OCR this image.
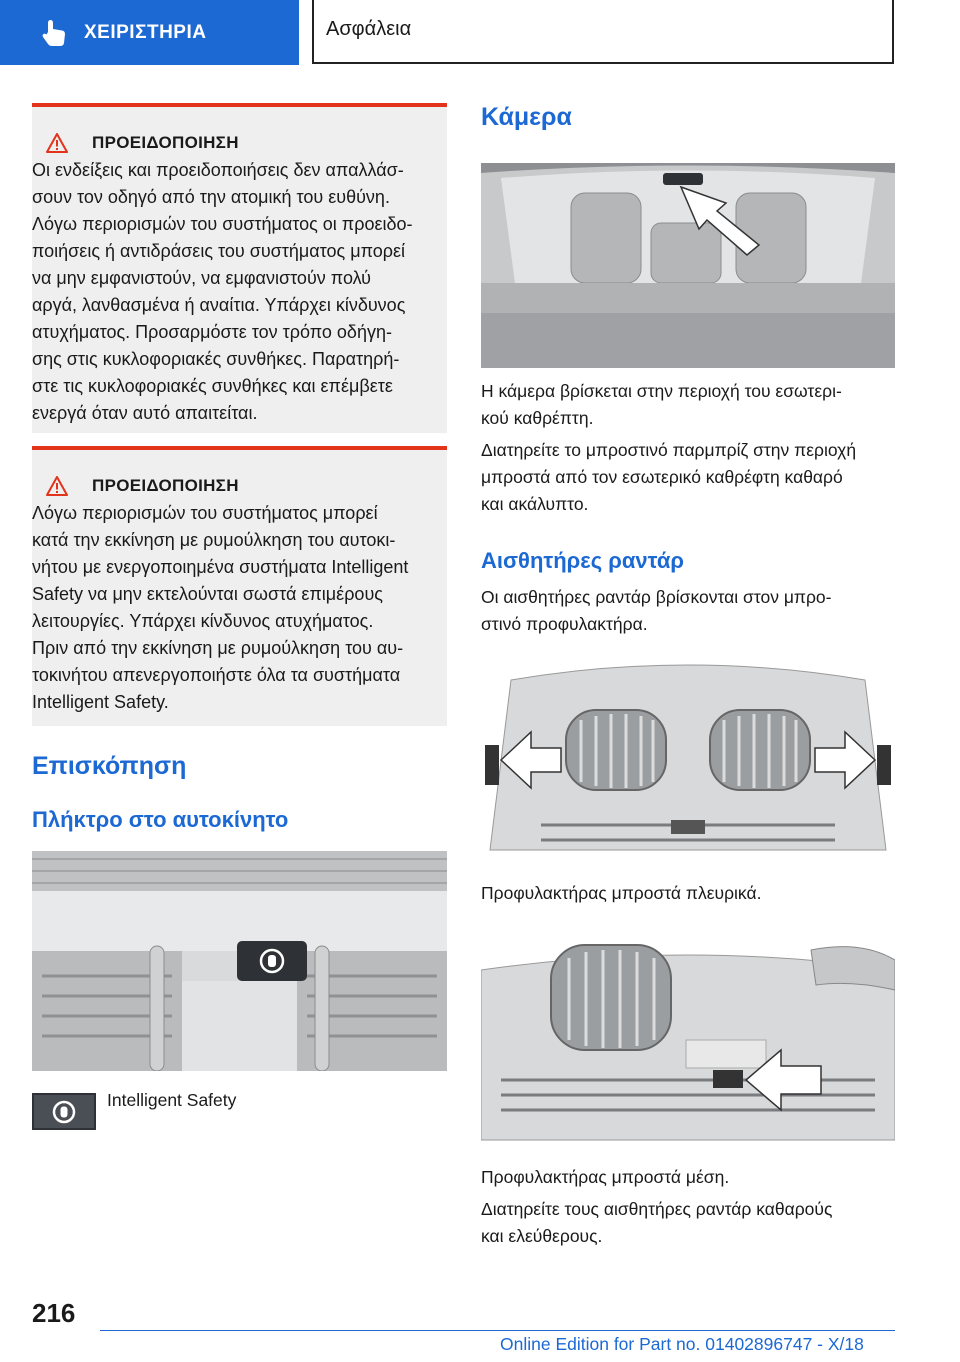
ΧΕΙΡΙΣΤΗΡΙΑ	Ασφάλεια
ΠΡΟΕΙΔΟΠΟΙΗΣΗ
Οι ενδείξεις και προειδοποιήσεις δεν απαλλάσ-
σουν τον οδηγό από την ατομική του ευθύνη.
Λόγω περιορισμών του συστήματος οι προειδο-
ποιήσεις ή αντιδράσεις του συστήματος μπορεί
να μην εμφανιστούν, να εμφανιστούν πολύ
αργά, λανθασμένα ή αναίτια. Υπάρχει κίνδυνος
ατυχήματος. Προσαρμόστε τον τρόπο οδήγη-
σης στις κυκλοφοριακές συνθήκες. Παρατηρή-
στε τις κυκλοφοριακές συνθήκες και επέμβετε
ενεργά όταν αυτό απαιτείται.
ΠΡΟΕΙΔΟΠΟΙΗΣΗ
Λόγω περιορισμών του συστήματος μπορεί
κατά την εκκίνηση με ρυμούλκηση του αυτοκι-
νήτου με ενεργοποιημένα συστήματα Intelligent
Safety να μην εκτελούνται σωστά επιμέρους
λειτουργίες. Υπάρχει κίνδυνος ατυχήματος.
Πριν από την εκκίνηση με ρυμούλκηση του αυ-
τοκινήτου απενεργοποιήστε όλα τα συστήματα
Intelligent Safety.
Επισκόπηση
Πλήκτρο στο αυτοκίνητο
Intelligent Safety
Κάμερα
Η κάμερα βρίσκεται στην περιοχή του εσωτερι-
κού καθρέπτη.
Διατηρείτε το μπροστινό παρμπρίζ στην περιοχή
μπροστά από τον εσωτερικό καθρέφτη καθαρό
και ακάλυπτο.
Αισθητήρες ραντάρ
Οι αισθητήρες ραντάρ βρίσκονται στον μπρο-
στινό προφυλακτήρα.
Προφυλακτήρας μπροστά πλευρικά.
Προφυλακτήρας μπροστά μέση.
Διατηρείτε τους αισθητήρες ραντάρ καθαρούς
και ελεύθερους.
216
Online Edition for Part no. 01402896747 - X/18
